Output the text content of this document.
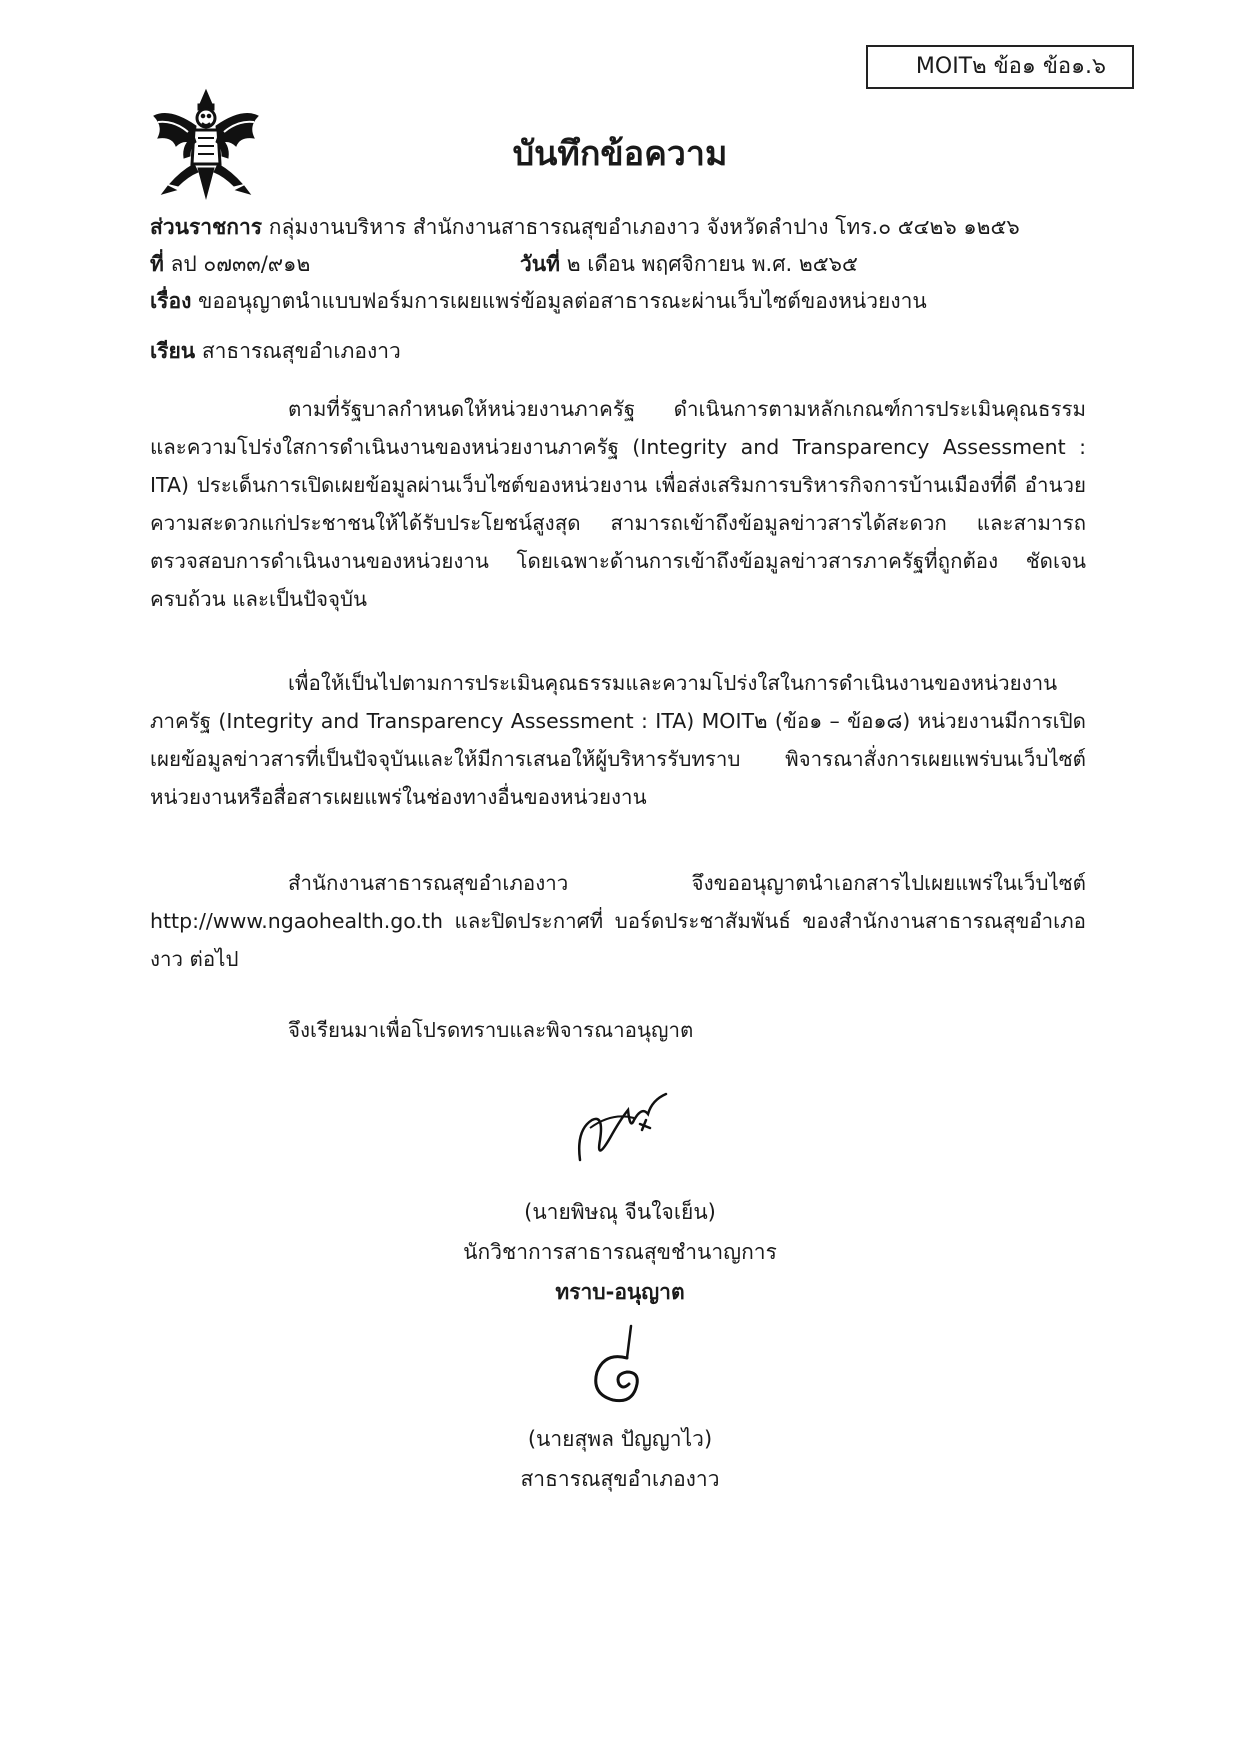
MOIT๒ ข้อ๑ ข้อ๑.๖
บันทึกข้อความ
ส่วนราชการ กลุ่มงานบริหาร สำนักงานสาธารณสุขอำเภองาว จังหวัดลำปาง โทร.๐ ๕๔๒๖ ๑๒๕๖
ที่ ลป ๐๗๓๓/๙๑๒	วันที่ ๒ เดือน พฤศจิกายน พ.ศ. ๒๕๖๕
เรื่อง ขออนุญาตนำแบบฟอร์มการเผยแพร่ข้อมูลต่อสาธารณะผ่านเว็บไซต์ของหน่วยงาน
เรียน สาธารณสุขอำเภองาว

ตามที่รัฐบาลกำหนดให้หน่วยงานภาครัฐ ดำเนินการตามหลักเกณฑ์การประเมินคุณธรรม และความโปร่งใสการดำเนินงานของหน่วยงานภาครัฐ (Integrity and Transparency Assessment : ITA) ประเด็นการเปิดเผยข้อมูลผ่านเว็บไซต์ของหน่วยงาน เพื่อส่งเสริมการบริหารกิจการบ้านเมืองที่ดี อำนวยความสะดวกแก่ประชาชนให้ได้รับประโยชน์สูงสุด สามารถเข้าถึงข้อมูลข่าวสารได้สะดวก และสามารถตรวจสอบการดำเนินงานของหน่วยงาน โดยเฉพาะด้านการเข้าถึงข้อมูลข่าวสารภาครัฐที่ถูกต้อง ชัดเจน ครบถ้วน และเป็นปัจจุบัน

เพื่อให้เป็นไปตามการประเมินคุณธรรมและความโปร่งใสในการดำเนินงานของหน่วยงานภาครัฐ (Integrity and Transparency Assessment : ITA) MOIT๒ (ข้อ๑ – ข้อ๑๘) หน่วยงานมีการเปิดเผยข้อมูลข่าวสารที่เป็นปัจจุบันและให้มีการเสนอให้ผู้บริหารรับทราบ พิจารณาสั่งการเผยแพร่บนเว็บไซต์หน่วยงานหรือสื่อสารเผยแพร่ในช่องทางอื่นของหน่วยงาน

สำนักงานสาธารณสุขอำเภองาว จึงขออนุญาตนำเอกสารไปเผยแพร่ในเว็บไซต์ http://www.ngaohealth.go.th และปิดประกาศที่ บอร์ดประชาสัมพันธ์ ของสำนักงานสาธารณสุขอำเภองาว ต่อไป

จึงเรียนมาเพื่อโปรดทราบและพิจารณาอนุญาต

(นายพิษณุ จีนใจเย็น)
นักวิชาการสาธารณสุขชำนาญการ
ทราบ-อนุญาต
(นายสุพล ปัญญาไว)
สาธารณสุขอำเภองาว
